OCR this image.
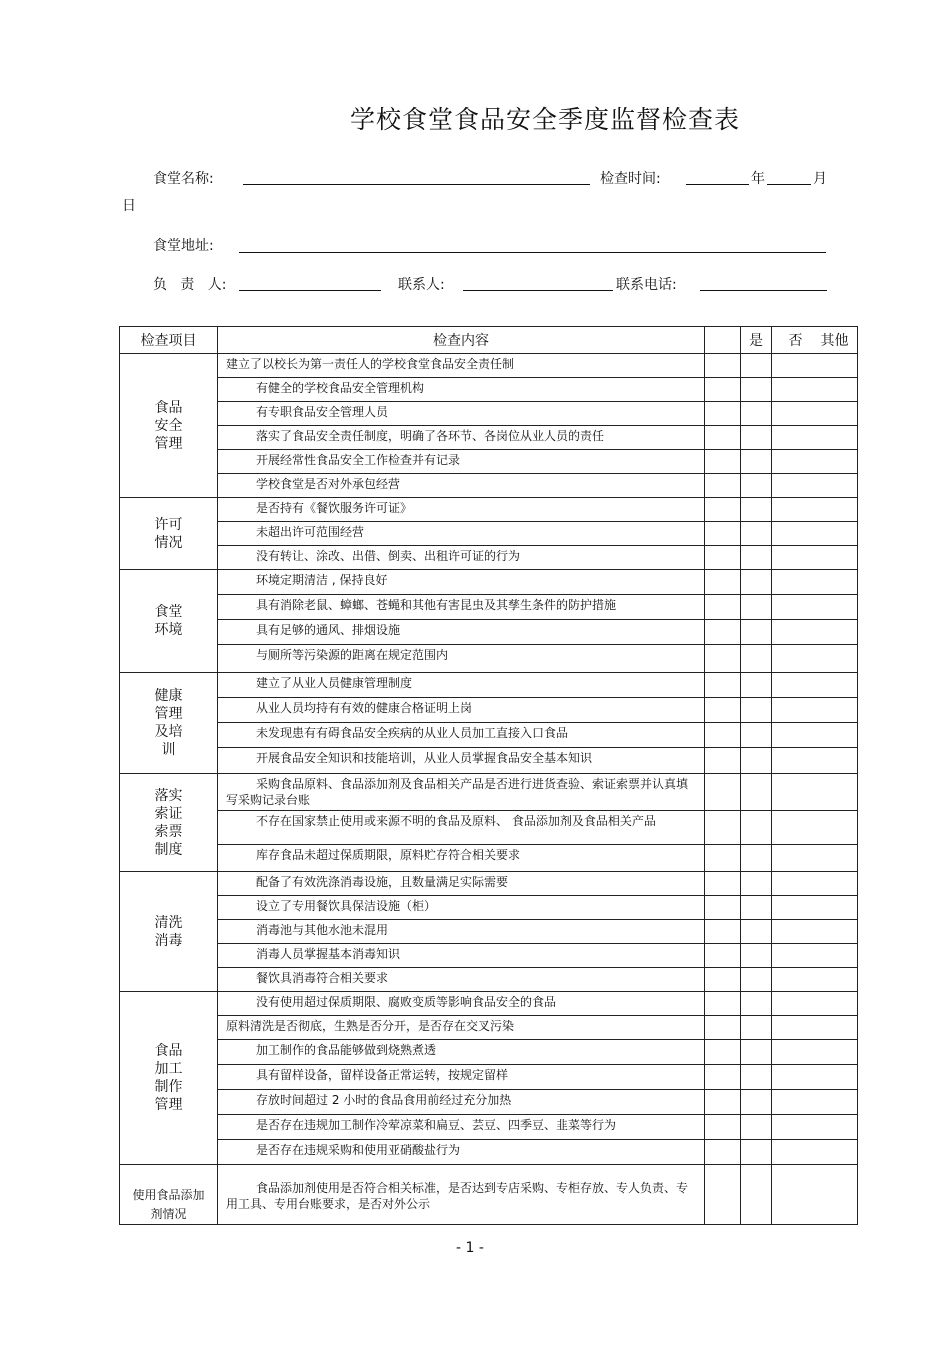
学校食堂食品安全季度监督检查表
食堂名称:	检查时间:	年	月
日
食堂地址:
负   责   人:	联系人:	联系电话:
检查项目	检查内容		是	否 其他
食品安全管理	建立了以校长为第一责任人的学校食堂食品安全责任制			
	有健全的学校食品安全管理机构			
	有专职食品安全管理人员			
	落实了食品安全责任制度，明确了各环节、各岗位从业人员的责任			
	开展经常性食品安全工作检查并有记录			
	学校食堂是否对外承包经营			
许可情况	是否持有《餐饮服务许可证》			
	未超出许可范围经营			
	没有转让、涂改、出借、倒卖、出租许可证的行为			
食堂环境	环境定期清洁 , 保持良好			
	具有消除老鼠、蟑螂、苍蝇和其他有害昆虫及其孳生条件的防护措施			
	具有足够的通风、排烟设施			
	与厕所等污染源的距离在规定范围内			
健康管理及培训	建立了从业人员健康管理制度			
	从业人员均持有有效的健康合格证明上岗			
	未发现患有有碍食品安全疾病的从业人员加工直接入口食品			
	开展食品安全知识和技能培训，从业人员掌握食品安全基本知识			
落实索证索票制度	采购食品原料、食品添加剂及食品相关产品是否进行进货查验、索证索票并认真填写采购记录台账			
	不存在国家禁止使用或来源不明的食品及原料、 食品添加剂及食品相关产品			
	库存食品未超过保质期限，原料贮存符合相关要求			
清洗消毒	配备了有效洗涤消毒设施，且数量满足实际需要			
	设立了专用餐饮具保洁设施（柜）			
	消毒池与其他水池未混用			
	消毒人员掌握基本消毒知识			
	餐饮具消毒符合相关要求			
食品加工制作管理	没有使用超过保质期限、腐败变质等影响食品安全的食品			
	原料清洗是否彻底，生熟是否分开，是否存在交叉污染			
	加工制作的食品能够做到烧熟煮透			
	具有留样设备，留样设备正常运转，按规定留样			
	存放时间超过 2 小时的食品食用前经过充分加热			
	是否存在违规加工制作冷荤凉菜和扁豆、芸豆、四季豆、韭菜等行为			
	是否存在违规采购和使用亚硝酸盐行为			
使用食品添加剂情况	食品添加剂使用是否符合相关标准，是否达到专店采购、专柜存放、专人负责、专用工具、专用台账要求，是否对外公示			
- 1 -
